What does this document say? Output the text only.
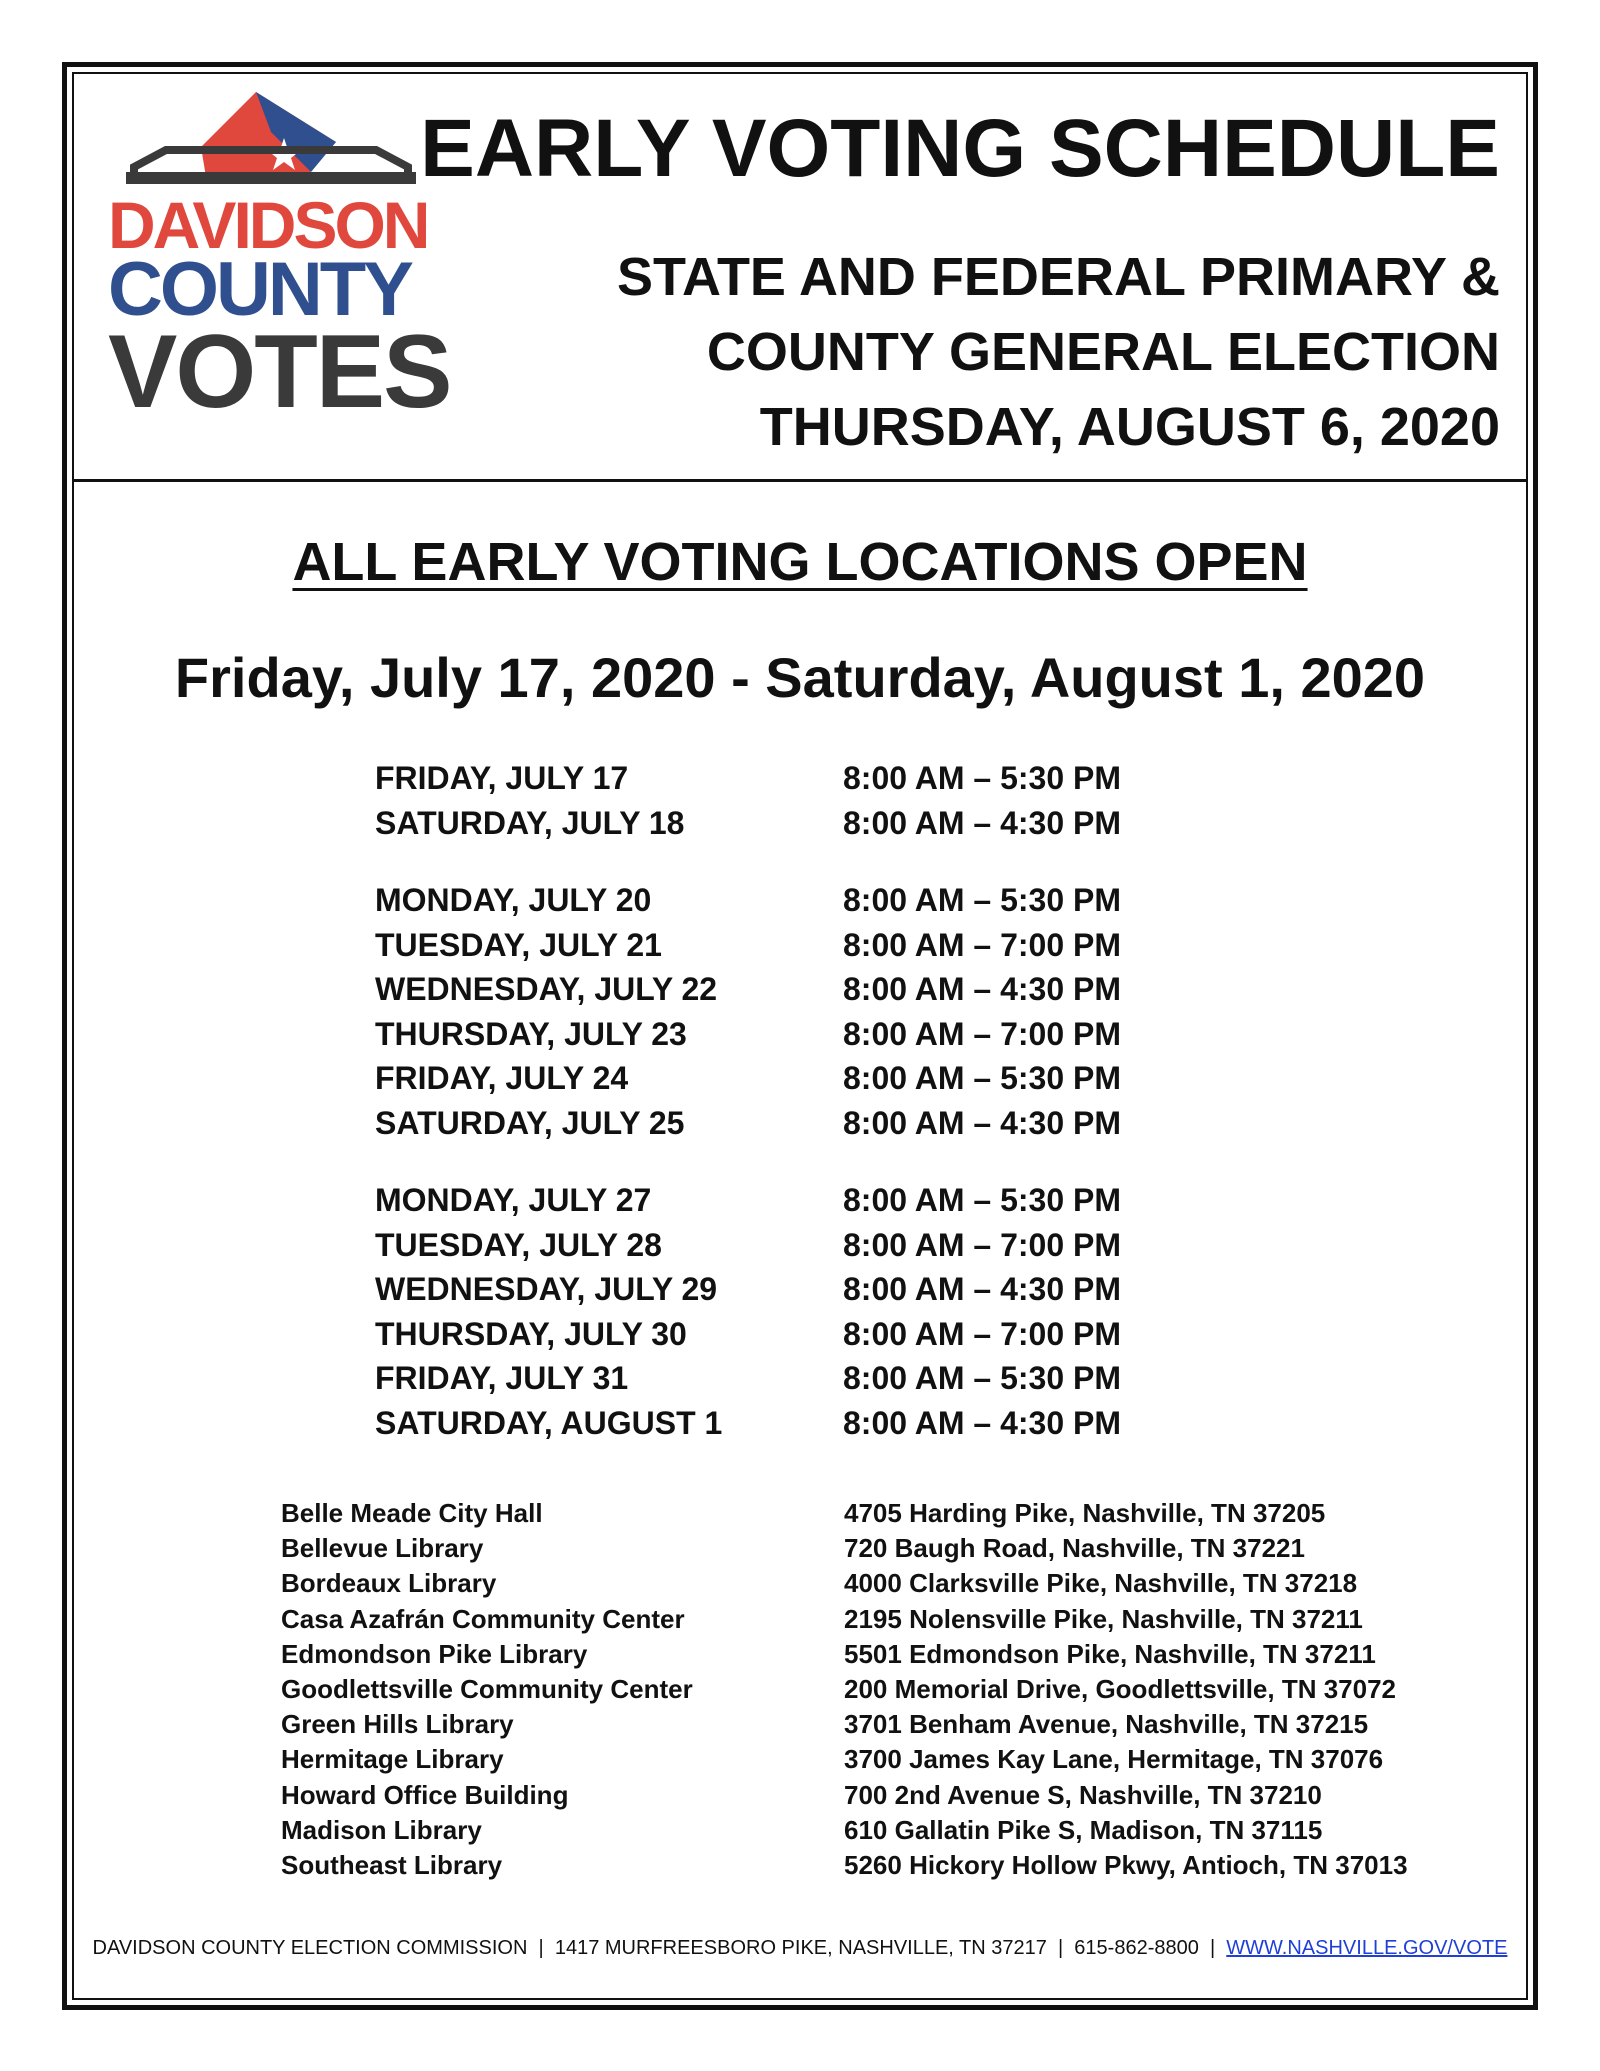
DAVIDSON
COUNTY
VOTES
EARLY VOTING SCHEDULE
STATE AND FEDERAL PRIMARY &
COUNTY GENERAL ELECTION
THURSDAY, AUGUST 6, 2020
ALL EARLY VOTING LOCATIONS OPEN
Friday, July 17, 2020 - Saturday, August 1, 2020
FRIDAY, JULY 17	8:00 AM – 5:30 PM
SATURDAY, JULY 18	8:00 AM – 4:30 PM
MONDAY, JULY 20	8:00 AM – 5:30 PM
TUESDAY, JULY 21	8:00 AM – 7:00 PM
WEDNESDAY, JULY 22	8:00 AM – 4:30 PM
THURSDAY, JULY 23	8:00 AM – 7:00 PM
FRIDAY, JULY 24	8:00 AM – 5:30 PM
SATURDAY, JULY 25	8:00 AM – 4:30 PM
MONDAY, JULY 27	8:00 AM – 5:30 PM
TUESDAY, JULY 28	8:00 AM – 7:00 PM
WEDNESDAY, JULY 29	8:00 AM – 4:30 PM
THURSDAY, JULY 30	8:00 AM – 7:00 PM
FRIDAY, JULY 31	8:00 AM – 5:30 PM
SATURDAY, AUGUST 1	8:00 AM – 4:30 PM
Belle Meade City Hall	4705 Harding Pike, Nashville, TN 37205
Bellevue Library	720 Baugh Road, Nashville, TN 37221
Bordeaux Library	4000 Clarksville Pike, Nashville, TN 37218
Casa Azafrán Community Center	2195 Nolensville Pike, Nashville, TN 37211
Edmondson Pike Library	5501 Edmondson Pike, Nashville, TN 37211
Goodlettsville Community Center	200 Memorial Drive, Goodlettsville, TN 37072
Green Hills Library	3701 Benham Avenue, Nashville, TN 37215
Hermitage Library	3700 James Kay Lane, Hermitage, TN 37076
Howard Office Building	700 2nd Avenue S, Nashville, TN 37210
Madison Library	610 Gallatin Pike S, Madison, TN 37115
Southeast Library	5260 Hickory Hollow Pkwy, Antioch, TN 37013
DAVIDSON COUNTY ELECTION COMMISSION  |  1417 MURFREESBORO PIKE, NASHVILLE, TN 37217  |  615-862-8800  |  WWW.NASHVILLE.GOV/VOTE
